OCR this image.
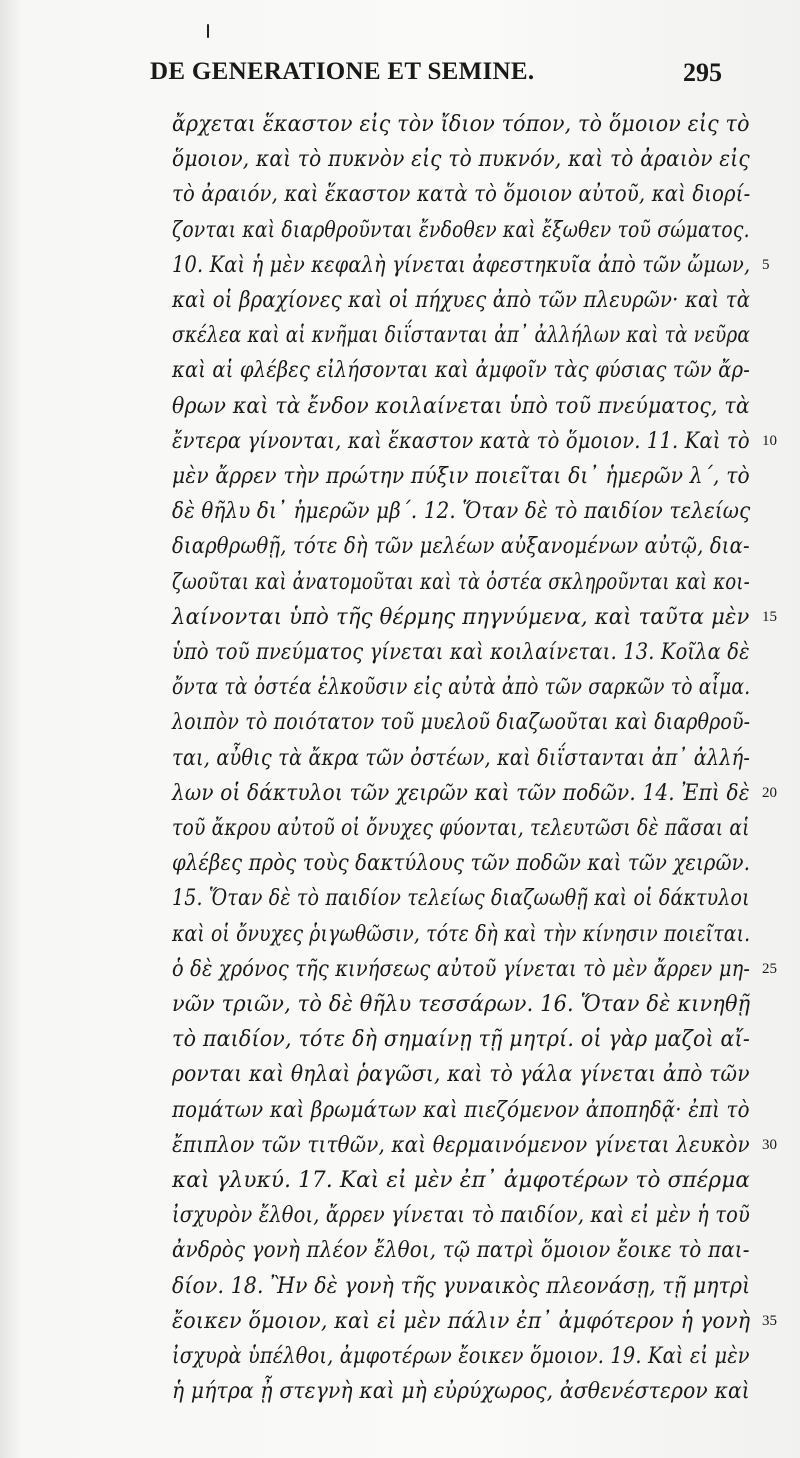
DE GENERATIONE ET SEMINE.	295
ἄρχεται ἕκαστον εἰς τὸν ἴδιον τόπον, τὸ ὅμοιον εἰς τὸ
ὅμοιον, καὶ τὸ πυκνὸν εἰς τὸ πυκνόν, καὶ τὸ ἀραιὸν εἰς
τὸ ἀραιόν, καὶ ἕκαστον κατὰ τὸ ὅμοιον αὐτοῦ, καὶ διορί-
ζονται καὶ διαρθροῦνται ἔνδοθεν καὶ ἔξωθεν τοῦ σώματος.
10. Καὶ ἡ μὲν κεφαλὴ γίνεται ἀφεστηκυῖα ἀπὸ τῶν ὤμων, 5
καὶ οἱ βραχίονες καὶ οἱ πήχυες ἀπὸ τῶν πλευρῶν· καὶ τὰ
σκέλεα καὶ αἱ κνῆμαι διΐστανται ἀπ᾽ ἀλλήλων καὶ τὰ νεῦρα
καὶ αἱ φλέβες εἰλήσονται καὶ ἀμφοῖν τὰς φύσιας τῶν ἄρ-
θρων καὶ τὰ ἔνδον κοιλαίνεται ὑπὸ τοῦ πνεύματος, τὰ
ἔντερα γίνονται, καὶ ἕκαστον κατὰ τὸ ὅμοιον. 11. Καὶ τὸ 10
μὲν ἄρρεν τὴν πρώτην πύξιν ποιεῖται δι᾽ ἡμερῶν λ΄, τὸ
δὲ θῆλυ δι᾽ ἡμερῶν μβ΄. 12. Ὅταν δὲ τὸ παιδίον τελείως
διαρθρωθῇ, τότε δὴ τῶν μελέων αὐξανομένων αὐτῷ, δια-
ζωοῦται καὶ ἀνατομοῦται καὶ τὰ ὀστέα σκληροῦνται καὶ κοι-
λαίνονται ὑπὸ τῆς θέρμης πηγνύμενα, καὶ ταῦτα μὲν 15
ὑπὸ τοῦ πνεύματος γίνεται καὶ κοιλαίνεται. 13. Κοῖλα δὲ
ὄντα τὰ ὀστέα ἑλκοῦσιν εἰς αὐτὰ ἀπὸ τῶν σαρκῶν τὸ αἷμα.
λοιπὸν τὸ ποιότατον τοῦ μυελοῦ διαζωοῦται καὶ διαρθροῦ-
ται, αὖθις τὰ ἄκρα τῶν ὀστέων, καὶ διΐστανται ἀπ᾽ ἀλλή-
λων οἱ δάκτυλοι τῶν χειρῶν καὶ τῶν ποδῶν. 14. Ἐπὶ δὲ 20
τοῦ ἄκρου αὐτοῦ οἱ ὄνυχες φύονται, τελευτῶσι δὲ πᾶσαι αἱ
φλέβες πρὸς τοὺς δακτύλους τῶν ποδῶν καὶ τῶν χειρῶν.
15. Ὅταν δὲ τὸ παιδίον τελείως διαζωωθῇ καὶ οἱ δάκτυλοι
καὶ οἱ ὄνυχες ῥιγωθῶσιν, τότε δὴ καὶ τὴν κίνησιν ποιεῖται.
ὁ δὲ χρόνος τῆς κινήσεως αὐτοῦ γίνεται τὸ μὲν ἄρρεν μη- 25
νῶν τριῶν, τὸ δὲ θῆλυ τεσσάρων. 16. Ὅταν δὲ κινηθῇ
τὸ παιδίον, τότε δὴ σημαίνῃ τῇ μητρί. οἱ γὰρ μαζοὶ αἴ-
ρονται καὶ θηλαὶ ῥαγῶσι, καὶ τὸ γάλα γίνεται ἀπὸ τῶν
πομάτων καὶ βρωμάτων καὶ πιεζόμενον ἀποπηδᾷ· ἐπὶ τὸ
ἔπιπλον τῶν τιτθῶν, καὶ θερμαινόμενον γίνεται λευκὸν 30
καὶ γλυκύ. 17. Καὶ εἰ μὲν ἐπ᾽ ἀμφοτέρων τὸ σπέρμα
ἰσχυρὸν ἔλθοι, ἄρρεν γίνεται τὸ παιδίον, καὶ εἰ μὲν ἡ τοῦ
ἀνδρὸς γονὴ πλέον ἔλθοι, τῷ πατρὶ ὅμοιον ἔοικε τὸ παι-
δίον. 18. Ἢν δὲ γονὴ τῆς γυναικὸς πλεονάσῃ, τῇ μητρὶ
ἔοικεν ὅμοιον, καὶ εἰ μὲν πάλιν ἐπ᾽ ἀμφότερον ἡ γονὴ 35
ἰσχυρὰ ὑπέλθοι, ἀμφοτέρων ἔοικεν ὅμοιον. 19. Καὶ εἰ μὲν
ἡ μήτρα ᾖ στεγνὴ καὶ μὴ εὐρύχωρος, ἀσθενέστερον καὶ
